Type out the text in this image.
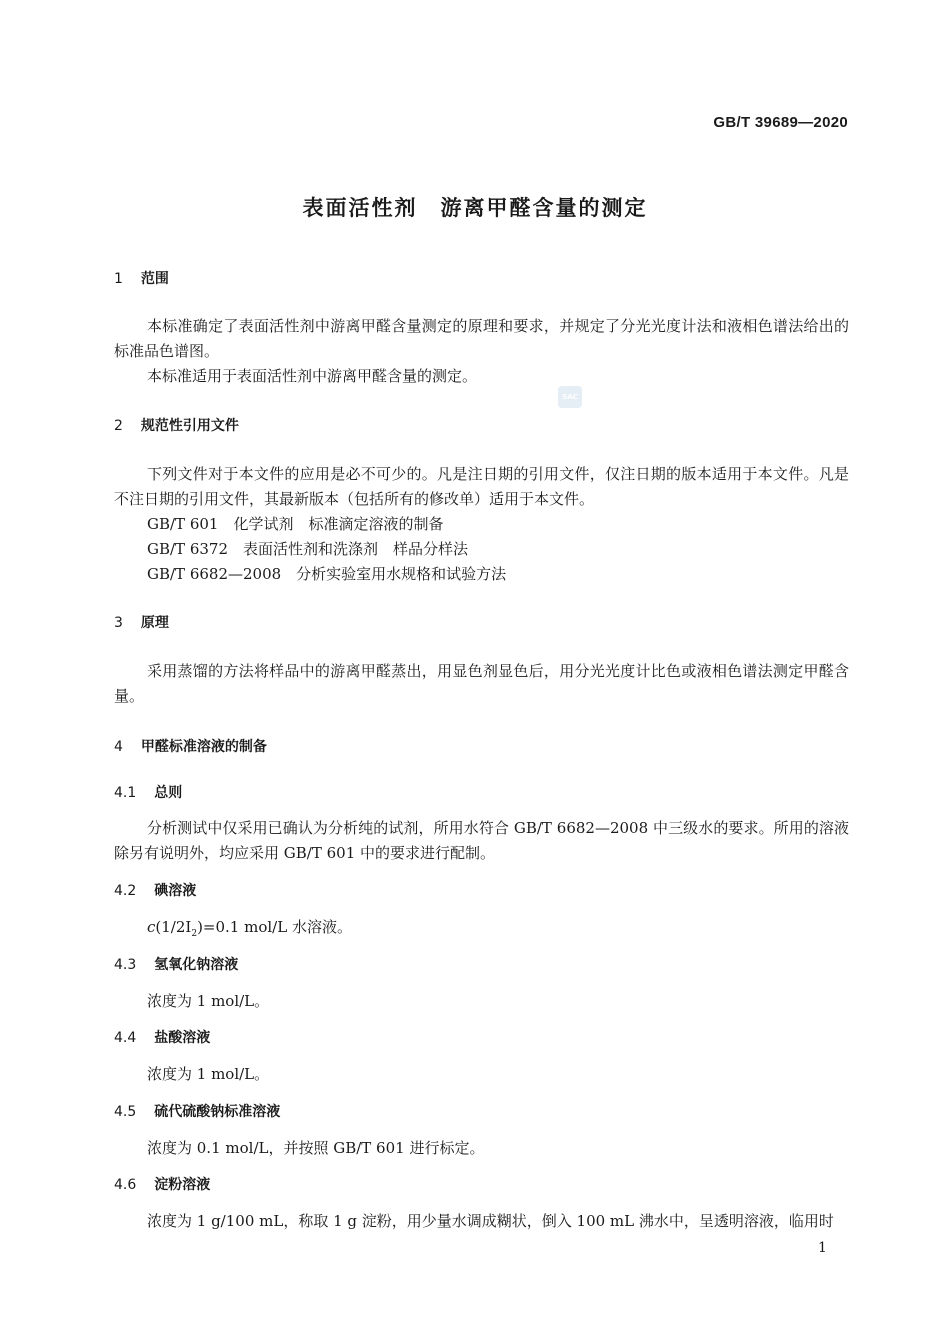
GB/T 39689—2020
表面活性剂　游离甲醛含量的测定
1 范围
本标准确定了表面活性剂中游离甲醛含量测定的原理和要求，并规定了分光光度计法和液相色谱法给出的标准品色谱图。
本标准适用于表面活性剂中游离甲醛含量的测定。
SAC
2 规范性引用文件
下列文件对于本文件的应用是必不可少的。凡是注日期的引用文件，仅注日期的版本适用于本文件。凡是不注日期的引用文件，其最新版本（包括所有的修改单）适用于本文件。
GB/T 601　化学试剂　标准滴定溶液的制备
GB/T 6372　表面活性剂和洗涤剂　样品分样法
GB/T 6682—2008　分析实验室用水规格和试验方法
3 原理
采用蒸馏的方法将样品中的游离甲醛蒸出，用显色剂显色后，用分光光度计比色或液相色谱法测定甲醛含量。
4 甲醛标准溶液的制备
4.1 总则
分析测试中仅采用已确认为分析纯的试剂，所用水符合 GB/T 6682—2008 中三级水的要求。所用的溶液除另有说明外，均应采用 GB/T 601 中的要求进行配制。
4.2 碘溶液
$c(1/2I_2)=0.1$ mol/L 水溶液。
4.3 氢氧化钠溶液
浓度为 1 mol/L。
4.4 盐酸溶液
浓度为 1 mol/L。
4.5 硫代硫酸钠标准溶液
浓度为 0.1 mol/L，并按照 GB/T 601 进行标定。
4.6 淀粉溶液
浓度为 1 g/100 mL，称取 1 g 淀粉，用少量水调成糊状，倒入 100 mL 沸水中，呈透明溶液，临用时
1
